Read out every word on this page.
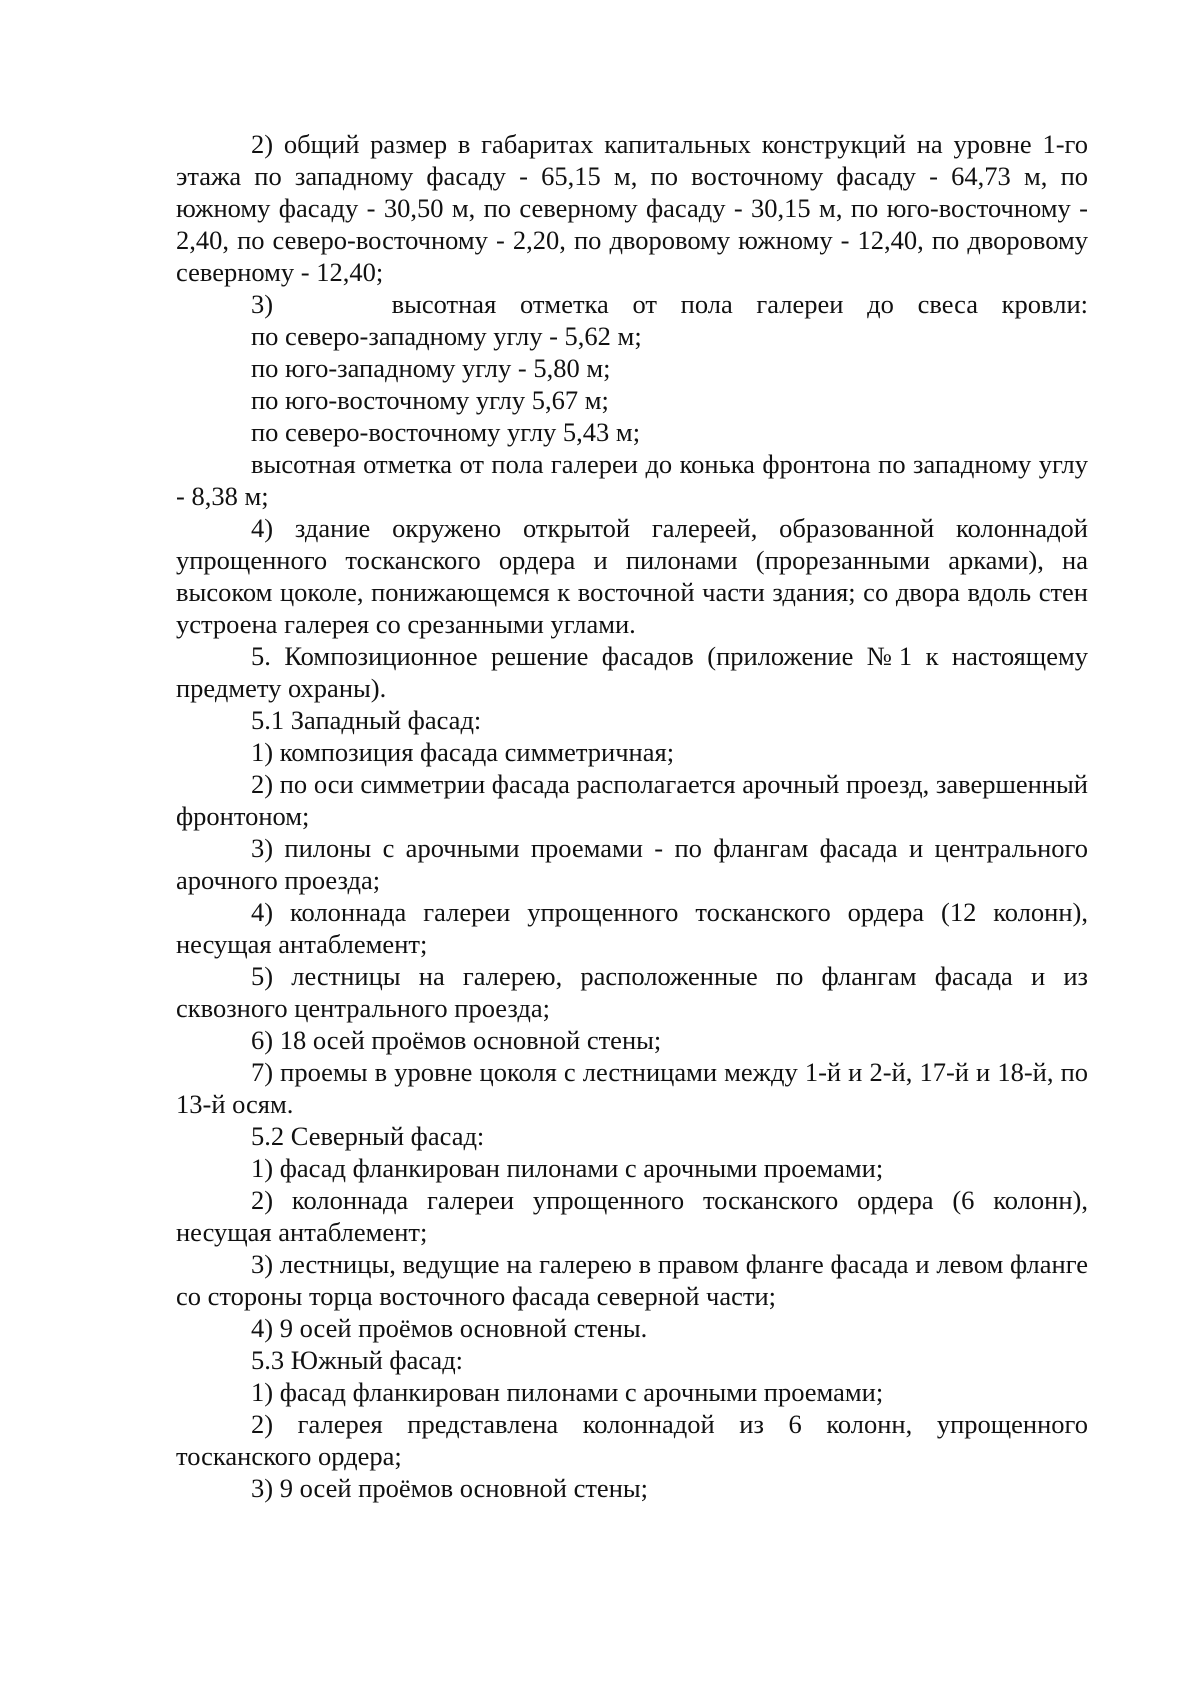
2) общий размер в габаритах капитальных конструкций на уровне 1-го этажа по западному фасаду - 65,15 м, по восточному фасаду - 64,73 м, по южному фасаду - 30,50 м, по северному фасаду - 30,15 м, по юго-восточному - 2,40, по северо-восточному - 2,20, по дворовому южному - 12,40, по дворовому северному - 12,40;

3)     высотная отметка от пола галереи до свеса кровли:

по северо-западному углу - 5,62 м;

по юго-западному углу - 5,80 м;

по юго-восточному углу 5,67 м;

по северо-восточному углу 5,43 м;

высотная отметка от пола галереи до конька фронтона по западному углу - 8,38 м;

4) здание окружено открытой галереей, образованной колоннадой упрощенного тосканского ордера и пилонами (прорезанными арками), на высоком цоколе, понижающемся к восточной части здания; со двора вдоль стен устроена галерея со срезанными углами.

5. Композиционное решение фасадов (приложение №1 к настоящему предмету охраны).

5.1 Западный фасад:

1) композиция фасада симметричная;

2) по оси симметрии фасада располагается арочный проезд, завершенный фронтоном;

3) пилоны с арочными проемами - по флангам фасада и центрального арочного проезда;

4) колоннада галереи упрощенного тосканского ордера (12 колонн), несущая антаблемент;

5) лестницы на галерею, расположенные по флангам фасада и из сквозного центрального проезда;

6) 18 осей проёмов основной стены;

7) проемы в уровне цоколя с лестницами между 1-й и 2-й, 17-й и 18-й, по 13-й осям.

5.2 Северный фасад:

1) фасад фланкирован пилонами с арочными проемами;

2) колоннада галереи упрощенного тосканского ордера (6 колонн), несущая антаблемент;

3) лестницы, ведущие на галерею в правом фланге фасада и левом фланге со стороны торца восточного фасада северной части;

4) 9 осей проёмов основной стены.

5.3 Южный фасад:

1) фасад фланкирован пилонами с арочными проемами;

2) галерея представлена колоннадой из 6 колонн, упрощенного тосканского ордера;

3) 9 осей проёмов основной стены;
